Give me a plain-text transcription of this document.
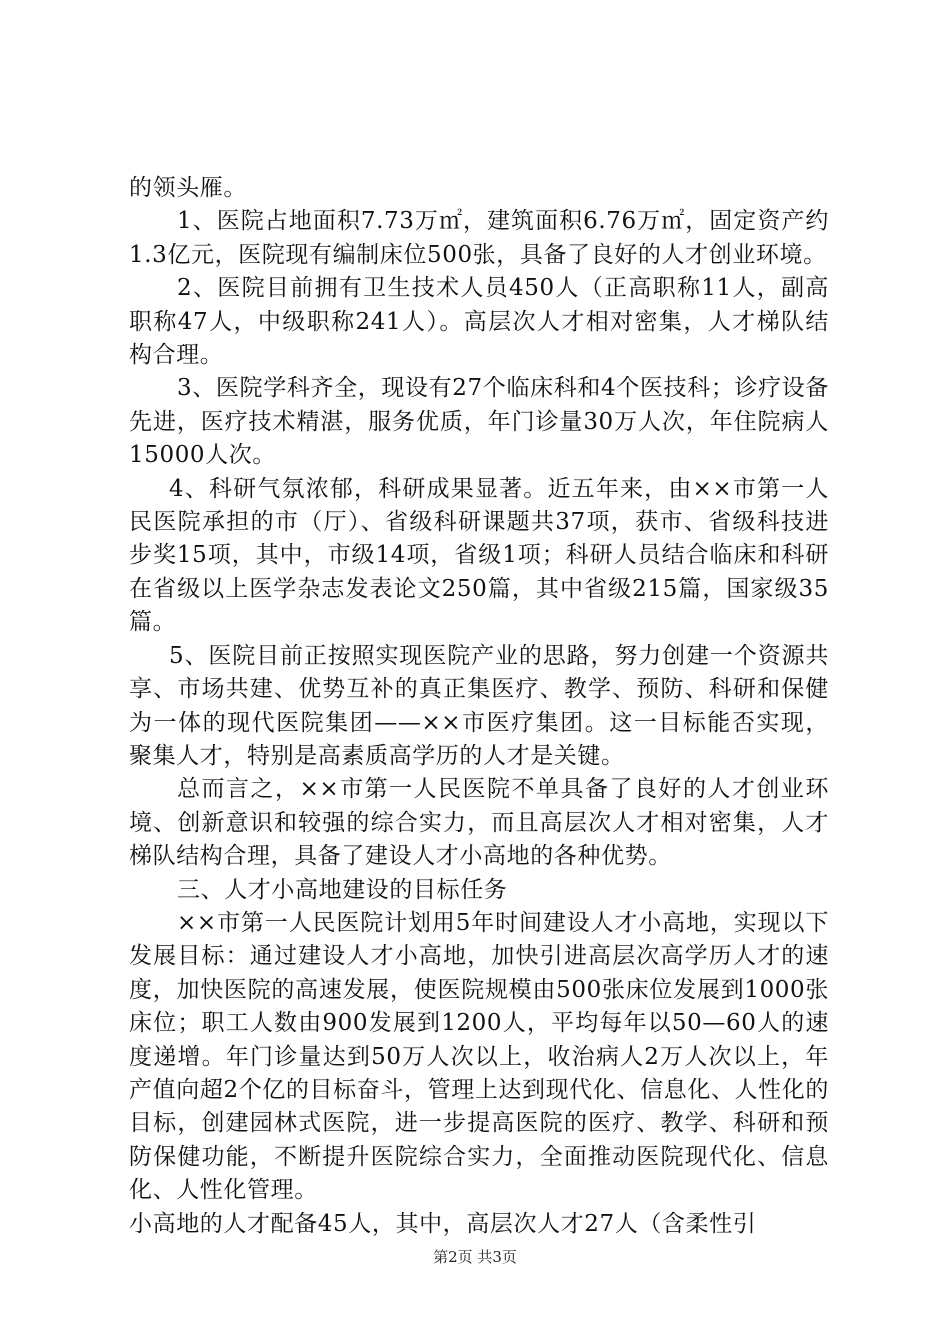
的领头雁。

1、医院占地面积7.73万㎡，建筑面积6.76万㎡，固定资产约1.3亿元，医院现有编制床位500张，具备了良好的人才创业环境。

2、医院目前拥有卫生技术人员450人（正高职称11人，副高职称47人，中级职称241人）。高层次人才相对密集，人才梯队结构合理。

3、医院学科齐全，现设有27个临床科和4个医技科；诊疗设备先进，医疗技术精湛，服务优质，年门诊量30万人次，年住院病人15000人次。

4、科研气氛浓郁，科研成果显著。近五年来，由××市第一人民医院承担的市（厅）、省级科研课题共37项，获市、省级科技进步奖15项，其中，市级14项，省级1项；科研人员结合临床和科研在省级以上医学杂志发表论文250篇，其中省级215篇，国家级35篇。

5、医院目前正按照实现医院产业的思路，努力创建一个资源共享、市场共建、优势互补的真正集医疗、教学、预防、科研和保健为一体的现代医院集团——××市医疗集团。这一目标能否实现，聚集人才，特别是高素质高学历的人才是关键。

总而言之，××市第一人民医院不单具备了良好的人才创业环境、创新意识和较强的综合实力，而且高层次人才相对密集，人才梯队结构合理，具备了建设人才小高地的各种优势。

三、人才小高地建设的目标任务

××市第一人民医院计划用5年时间建设人才小高地，实现以下发展目标：通过建设人才小高地，加快引进高层次高学历人才的速度，加快医院的高速发展，使医院规模由500张床位发展到1000张床位；职工人数由900发展到1200人，平均每年以50—60人的速度递增。年门诊量达到50万人次以上，收治病人2万人次以上，年产值向超2个亿的目标奋斗，管理上达到现代化、信息化、人性化的目标，创建园林式医院，进一步提高医院的医疗、教学、科研和预防保健功能，不断提升医院综合实力，全面推动医院现代化、信息化、人性化管理。

小高地的人才配备45人，其中，高层次人才27人（含柔性引

第2页 共3页
